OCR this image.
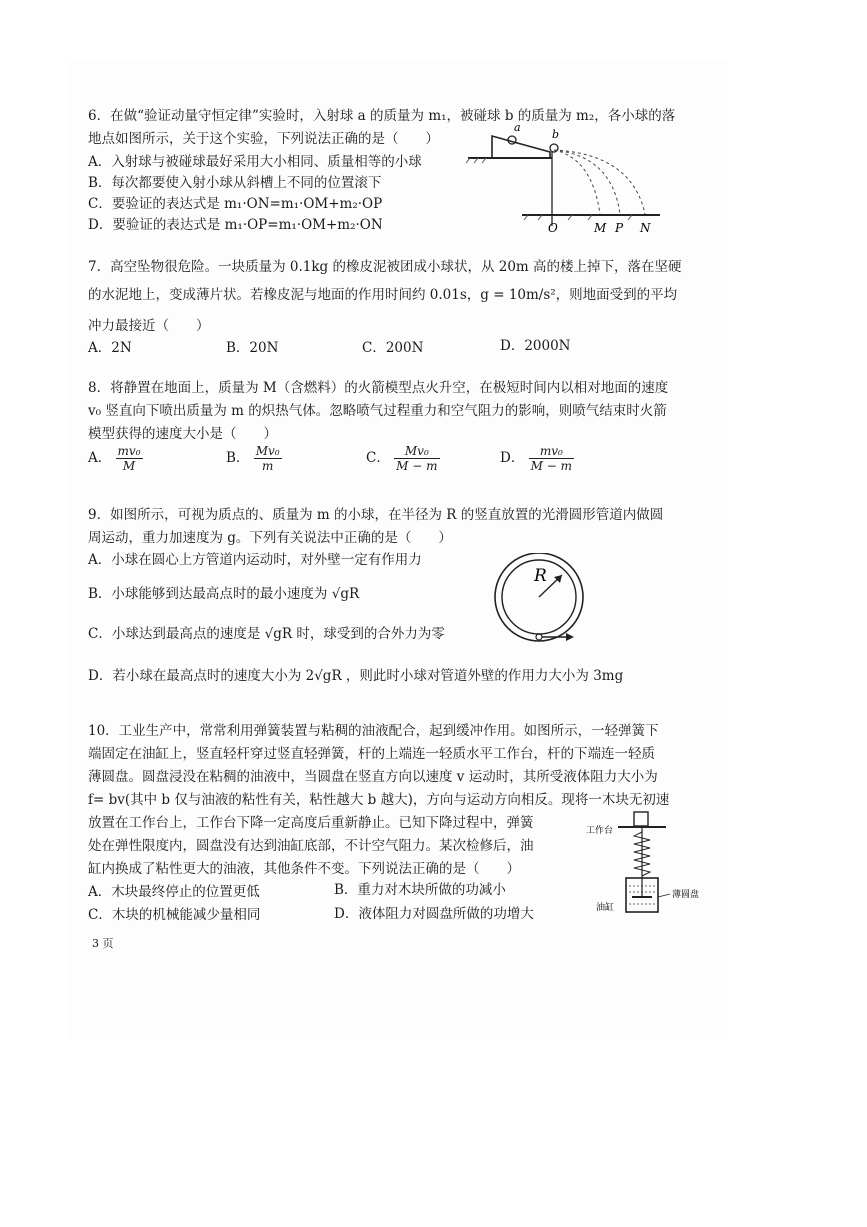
6．在做“验证动量守恒定律”实验时，入射球 a 的质量为 m₁，被碰球 b 的质量为 m₂，各小球的落
地点如图所示，关于这个实验，下列说法正确的是（　　）
A．入射球与被碰球最好采用大小相同、质量相等的小球
B．每次都要使入射小球从斜槽上不同的位置滚下
C．要验证的表达式是 m₁·ON=m₁·OM+m₂·OP
D．要验证的表达式是 m₁·OP=m₁·OM+m₂·ON
a
b
O	M P N
7．高空坠物很危险。一块质量为 0.1kg 的橡皮泥被团成小球状，从 20m 高的楼上掉下，落在坚硬
的水泥地上，变成薄片状。若橡皮泥与地面的作用时间约 0.01s，g = 10m/s²，则地面受到的平均
冲力最接近（　　）
A．2N	B．20N	C．200N	D．2000N
8．将静置在地面上，质量为 M（含燃料）的火箭模型点火升空，在极短时间内以相对地面的速度
v₀ 竖直向下喷出质量为 m 的炽热气体。忽略喷气过程重力和空气阻力的影响，则喷气结束时火箭
模型获得的速度大小是（　　）
A． $\frac{\text{mv₀}}{M}$	B． $\frac{\text{Mv₀}}{m}$	C． $\frac{\text{Mv₀}}{M - m}$	D． $\frac{\text{mv₀}}{M - m}$
9．如图所示，可视为质点的、质量为 m 的小球，在半径为 R 的竖直放置的光滑圆形管道内做圆
周运动，重力加速度为 g。下列有关说法中正确的是（　　）
A．小球在圆心上方管道内运动时，对外壁一定有作用力
B．小球能够到达最高点时的最小速度为 √gR
C．小球达到最高点的速度是 √gR 时，球受到的合外力为零
D．若小球在最高点时的速度大小为 2√gR ，则此时小球对管道外壁的作用力大小为 3mg
R
10．工业生产中，常常利用弹簧装置与粘稠的油液配合，起到缓冲作用。如图所示，一轻弹簧下
端固定在油缸上，竖直轻杆穿过竖直轻弹簧，杆的上端连一轻质水平工作台，杆的下端连一轻质
薄圆盘。圆盘浸没在粘稠的油液中，当圆盘在竖直方向以速度 v 运动时，其所受液体阻力大小为
f= bv(其中 b 仅与油液的粘性有关，粘性越大 b 越大)，方向与运动方向相反。现将一木块无初速
放置在工作台上，工作台下降一定高度后重新静止。已知下降过程中，弹簧
处在弹性限度内，圆盘没有达到油缸底部，不计空气阻力。某次检修后，油
缸内换成了粘性更大的油液，其他条件不变。下列说法正确的是（　　）
A．木块最终停止的位置更低	B．重力对木块所做的功减小
C．木块的机械能减少量相同	D．液体阻力对圆盘所做的功增大
工作台
薄圆盘
油缸
3 页
